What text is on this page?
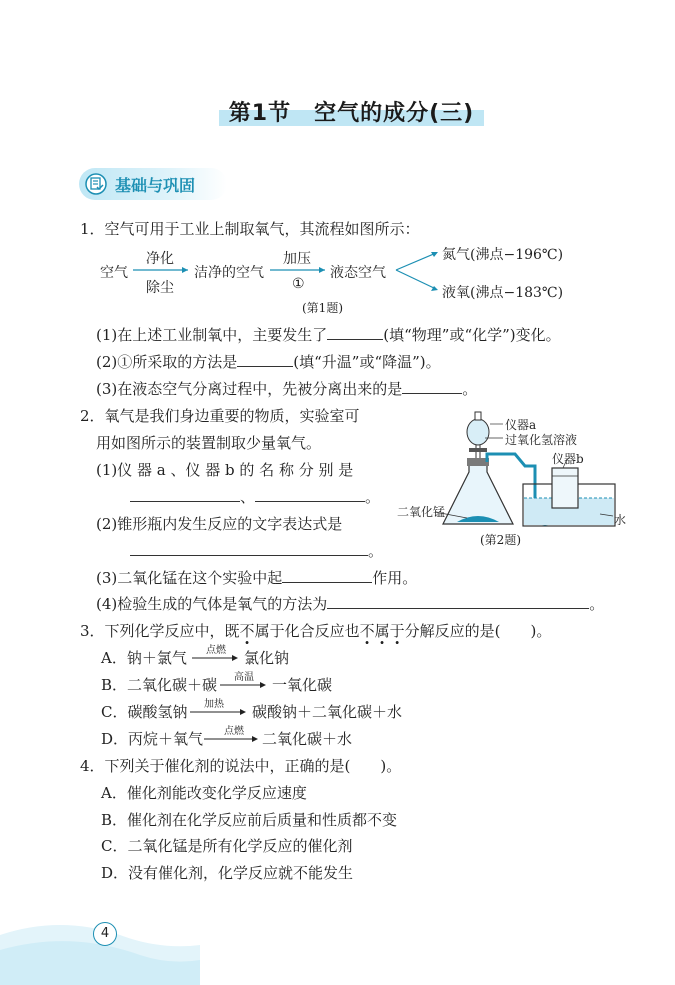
第1节　空气的成分(三)
基础与巩固
1．空气可用于工业上制取氧气，其流程如图所示：
空气
净化
除尘
洁净的空气
加压
①
液态空气
氮气(沸点−196℃)
液氧(沸点−183℃)
(第1题)
(1)在上述工业制氧中，主要发生了	(填“物理”或“化学”)变化。
(2)①所采取的方法是	(填“升温”或“降温”)。
(3)在液态空气分离过程中，先被分离出来的是	。
2．氧气是我们身边重要的物质，实验室可
用如图所示的装置制取少量氧气。
(1)仪 器 a 、仪 器 b 的 名 称 分 别 是
、	。
(2)锥形瓶内发生反应的文字表达式是
。
(3)二氧化锰在这个实验中起	作用。
(4)检验生成的气体是氧气的方法为	。
仪器a
过氧化氢溶液
仪器b
二氧化锰
水
(第2题)
3．下列化学反应中，既不属于化合反应也不属于分解反应的是(　　)。
A．钠＋氯气	点燃	氯化钠
B．二氧化碳＋碳	高温	一氧化碳
C．碳酸氢钠	加热	碳酸钠＋二氧化碳＋水
D．丙烷＋氧气	点燃	二氧化碳＋水
4．下列关于催化剂的说法中，正确的是(　　)。
A．催化剂能改变化学反应速度
B．催化剂在化学反应前后质量和性质都不变
C．二氧化锰是所有化学反应的催化剂
D．没有催化剂，化学反应就不能发生
4
